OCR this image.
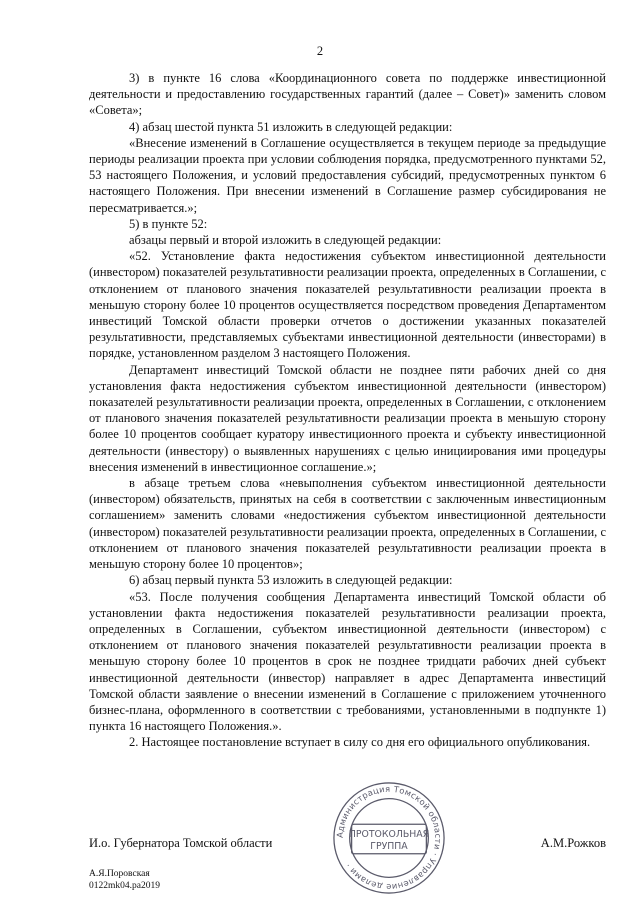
2

3) в пункте 16 слова «Координационного совета по поддержке инвестиционной деятельности и предоставлению государственных гарантий (далее – Совет)» заменить словом «Совета»;

4) абзац шестой пункта 51 изложить в следующей редакции:

«Внесение изменений в Соглашение осуществляется в текущем периоде за предыдущие периоды реализации проекта при условии соблюдения порядка, предусмотренного пунктами 52, 53 настоящего Положения, и условий предоставления субсидий, предусмотренных пунктом 6 настоящего Положения. При внесении изменений в Соглашение размер субсидирования не пересматривается.»;

5) в пункте 52:

абзацы первый и второй изложить в следующей редакции:

«52. Установление факта недостижения субъектом инвестиционной деятельности (инвестором) показателей результативности реализации проекта, определенных в Соглашении, с отклонением от планового значения показателей результативности реализации проекта в меньшую сторону более 10 процентов осуществляется посредством проведения Департаментом инвестиций Томской области проверки отчетов о достижении указанных показателей результативности, представляемых субъектами инвестиционной деятельности (инвесторами) в порядке, установленном разделом 3 настоящего Положения.

Департамент инвестиций Томской области не позднее пяти рабочих дней со дня установления факта недостижения субъектом инвестиционной деятельности (инвестором) показателей результативности реализации проекта, определенных в Соглашении, с отклонением от планового значения показателей результативности реализации проекта в меньшую сторону более 10 процентов сообщает куратору инвестиционного проекта и субъекту инвестиционной деятельности (инвестору) о выявленных нарушениях с целью инициирования ими процедуры внесения изменений в инвестиционное соглашение.»;

в абзаце третьем слова «невыполнения субъектом инвестиционной деятельности (инвестором) обязательств, принятых на себя в соответствии с заключенным инвестиционным соглашением» заменить словами «недостижения субъектом инвестиционной деятельности (инвестором) показателей результативности реализации проекта, определенных в Соглашении, с отклонением от планового значения показателей результативности реализации проекта в меньшую сторону более 10 процентов»;

6) абзац первый пункта 53 изложить в следующей редакции:

«53. После получения сообщения Департамента инвестиций Томской области об установлении факта недостижения показателей результативности реализации проекта, определенных в Соглашении, субъектом инвестиционной деятельности (инвестором) с отклонением от планового значения показателей результативности реализации проекта в меньшую сторону более 10 процентов в срок не позднее тридцати рабочих дней субъект инвестиционной деятельности (инвестор) направляет в адрес Департамента инвестиций Томской области заявление о внесении изменений в Соглашение с приложением уточненного бизнес-плана, оформленного в соответствии с требованиями, установленными в подпункте 1) пункта 16 настоящего Положения.».

2. Настоящее постановление вступает в силу со дня его официального опубликования.

И.о. Губернатора Томской области	А.М.Рожков
Администрация Томской области · Управление делами ·
ПРОТОКОЛЬНАЯ
ГРУППА
А.Я.Поровская
0122mk04.pa2019
